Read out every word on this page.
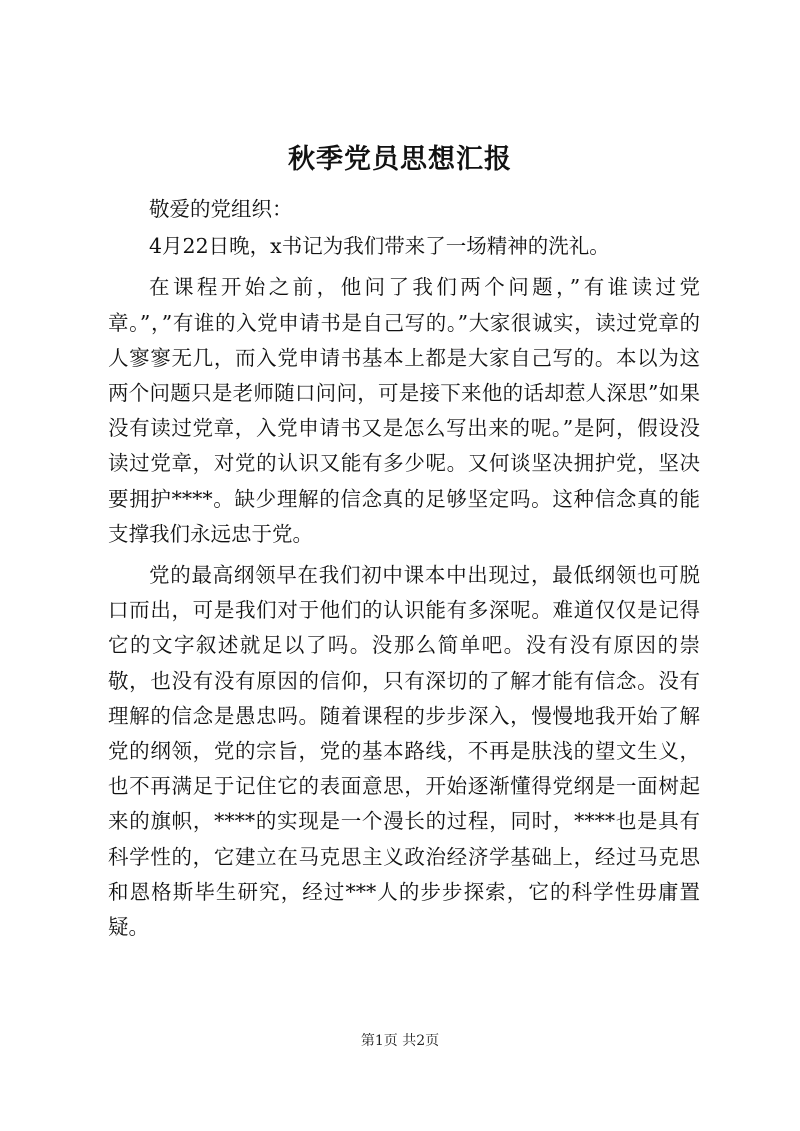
秋季党员思想汇报

敬爱的党组织：

4月22日晚，x书记为我们带来了一场精神的洗礼。

在课程开始之前，他问了我们两个问题，”有谁读过党章。”，”有谁的入党申请书是自己写的。”大家很诚实，读过党章的人寥寥无几，而入党申请书基本上都是大家自己写的。本以为这两个问题只是老师随口问问，可是接下来他的话却惹人深思”如果没有读过党章，入党申请书又是怎么写出来的呢。”是阿，假设没读过党章，对党的认识又能有多少呢。又何谈坚决拥护党，坚决要拥护****。缺少理解的信念真的足够坚定吗。这种信念真的能支撑我们永远忠于党。

党的最高纲领早在我们初中课本中出现过，最低纲领也可脱口而出，可是我们对于他们的认识能有多深呢。难道仅仅是记得它的文字叙述就足以了吗。没那么简单吧。没有没有原因的崇敬，也没有没有原因的信仰，只有深切的了解才能有信念。没有理解的信念是愚忠吗。随着课程的步步深入，慢慢地我开始了解党的纲领，党的宗旨，党的基本路线，不再是肤浅的望文生义，也不再满足于记住它的表面意思，开始逐渐懂得党纲是一面树起来的旗帜，****的实现是一个漫长的过程，同时，****也是具有科学性的，它建立在马克思主义政治经济学基础上，经过马克思和恩格斯毕生研究，经过***人的步步探索，它的科学性毋庸置疑。

第1页 共2页
